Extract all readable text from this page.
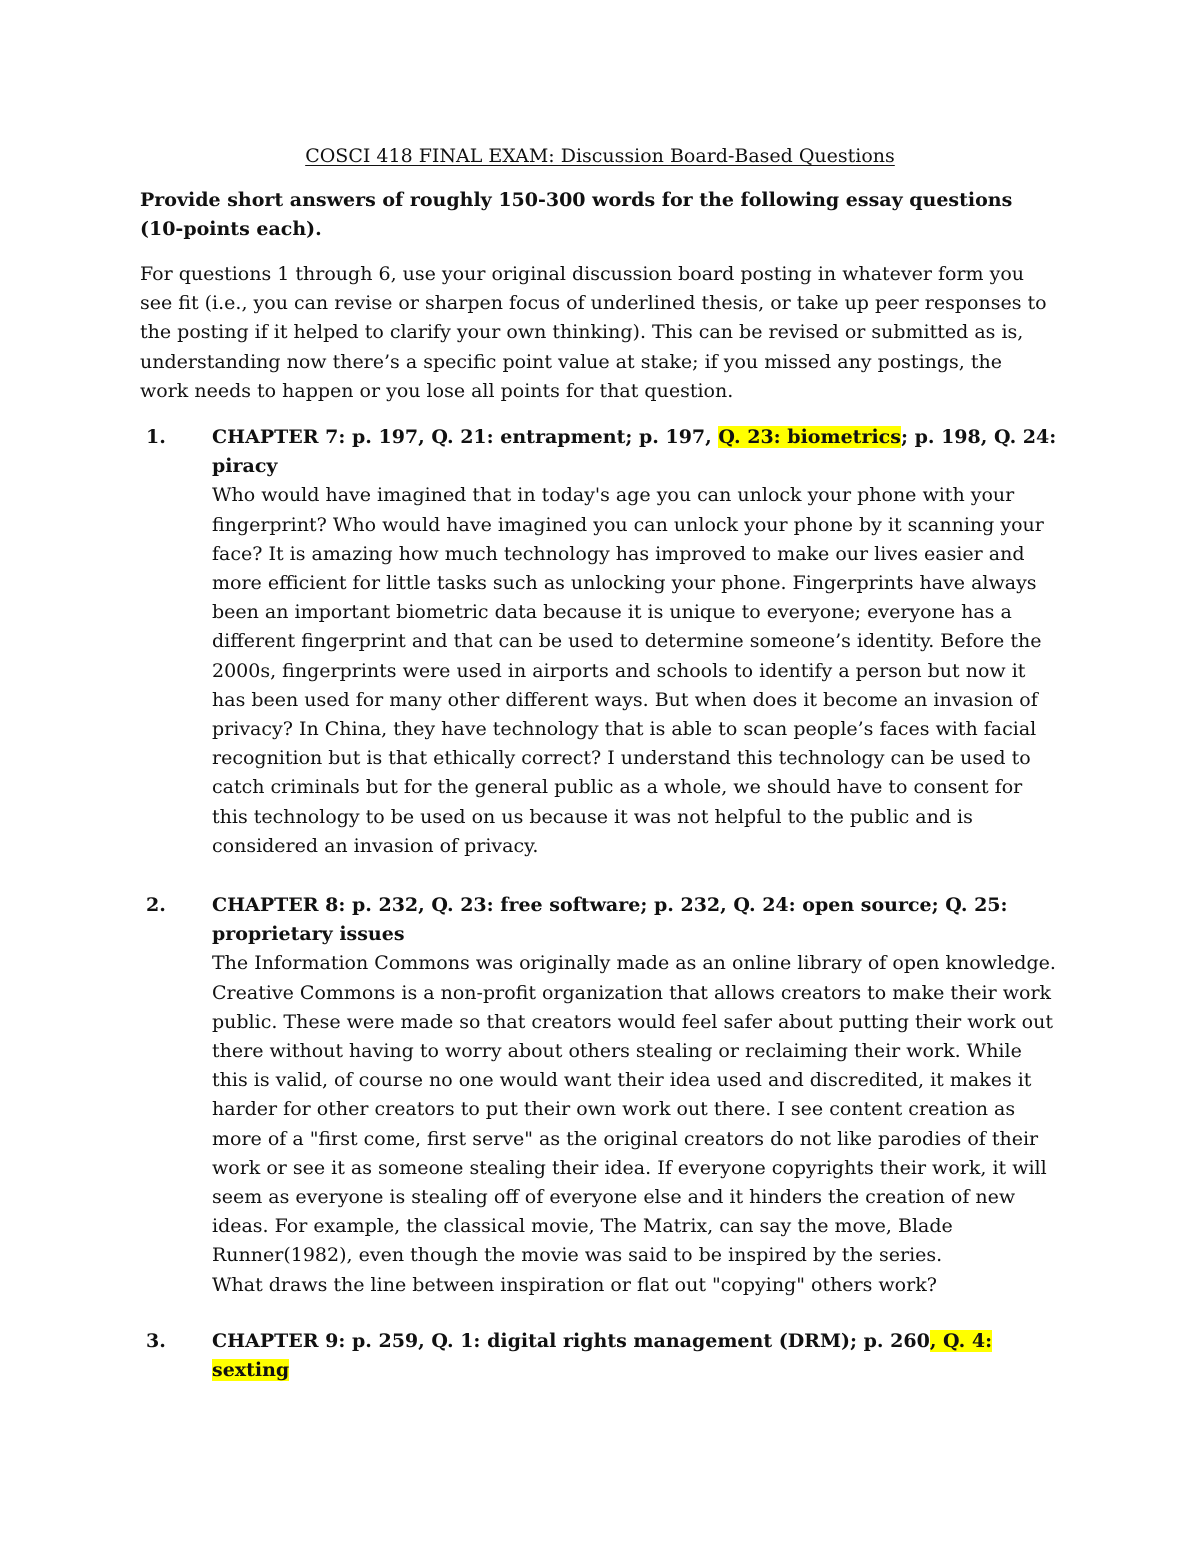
COSCI 418 FINAL EXAM: Discussion Board-Based Questions
Provide short answers of roughly 150-300 words for the following essay questions (10-points each).
For questions 1 through 6, use your original discussion board posting in whatever form you see fit (i.e., you can revise or sharpen focus of underlined thesis, or take up peer responses to the posting if it helped to clarify your own thinking). This can be revised or submitted as is, understanding now there’s a specific point value at stake; if you missed any postings, the work needs to happen or you lose all points for that question.
1.	CHAPTER 7: p. 197, Q. 21: entrapment; p. 197, Q. 23: biometrics; p. 198, Q. 24: piracy

Who would have imagined that in today's age you can unlock your phone with your fingerprint? Who would have imagined you can unlock your phone by it scanning your face? It is amazing how much technology has improved to make our lives easier and more efficient for little tasks such as unlocking your phone. Fingerprints have always been an important biometric data because it is unique to everyone; everyone has a different fingerprint and that can be used to determine someone’s identity. Before the 2000s, fingerprints were used in airports and schools to identify a person but now it has been used for many other different ways. But when does it become an invasion of privacy? In China, they have technology that is able to scan people’s faces with facial recognition but is that ethically correct? I understand this technology can be used to catch criminals but for the general public as a whole, we should have to consent for this technology to be used on us because it was not helpful to the public and is considered an invasion of privacy.

2.	CHAPTER 8: p. 232, Q. 23: free software; p. 232, Q. 24: open source; Q. 25: proprietary issues

The Information Commons was originally made as an online library of open knowledge. Creative Commons is a non-profit organization that allows creators to make their work public. These were made so that creators would feel safer about putting their work out there without having to worry about others stealing or reclaiming their work. While this is valid, of course no one would want their idea used and discredited, it makes it harder for other creators to put their own work out there. I see content creation as more of a "first come, first serve" as the original creators do not like parodies of their work or see it as someone stealing their idea. If everyone copyrights their work, it will seem as everyone is stealing off of everyone else and it hinders the creation of new ideas. For example, the classical movie, The Matrix, can say the move, Blade Runner(1982), even though the movie was said to be inspired by the series.

What draws the line between inspiration or flat out "copying" others work?

3.	CHAPTER 9: p. 259, Q. 1: digital rights management (DRM); p. 260, Q. 4: sexting
